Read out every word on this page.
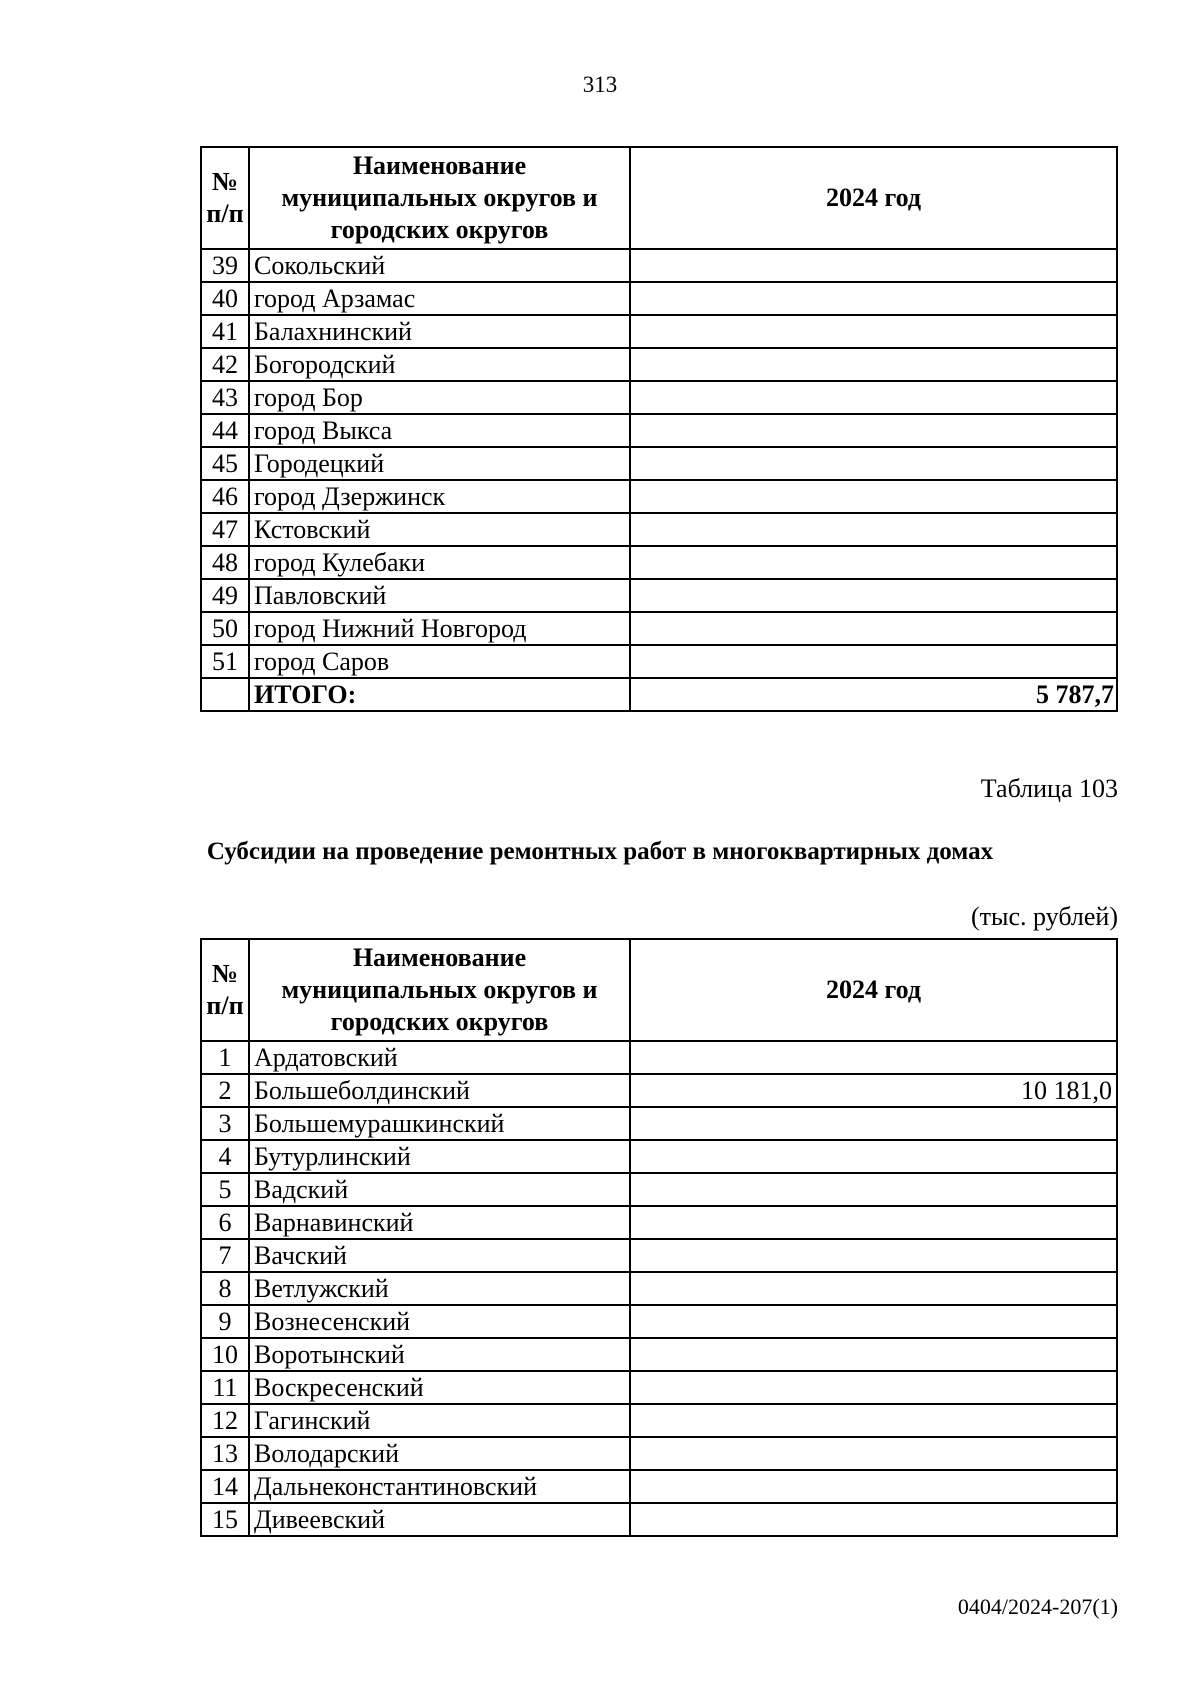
313
№ п/п	Наименование муниципальных округов и городских округов	2024 год
39	Сокольский	
40	город Арзамас	
41	Балахнинский	
42	Богородский	
43	город Бор	
44	город Выкса	
45	Городецкий	
46	город Дзержинск	
47	Кстовский	
48	город Кулебаки	
49	Павловский	
50	город Нижний Новгород	
51	город Саров	
	ИТОГО:	5 787,7
Таблица 103
Субсидии на проведение ремонтных работ в многоквартирных домах
(тыс. рублей)
№ п/п	Наименование муниципальных округов и городских округов	2024 год
1	Ардатовский	
2	Большеболдинский	10 181,0
3	Большемурашкинский	
4	Бутурлинский	
5	Вадский	
6	Варнавинский	
7	Вачский	
8	Ветлужский	
9	Вознесенский	
10	Воротынский	
11	Воскресенский	
12	Гагинский	
13	Володарский	
14	Дальнеконстантиновский	
15	Дивеевский	
0404/2024-207(1)
